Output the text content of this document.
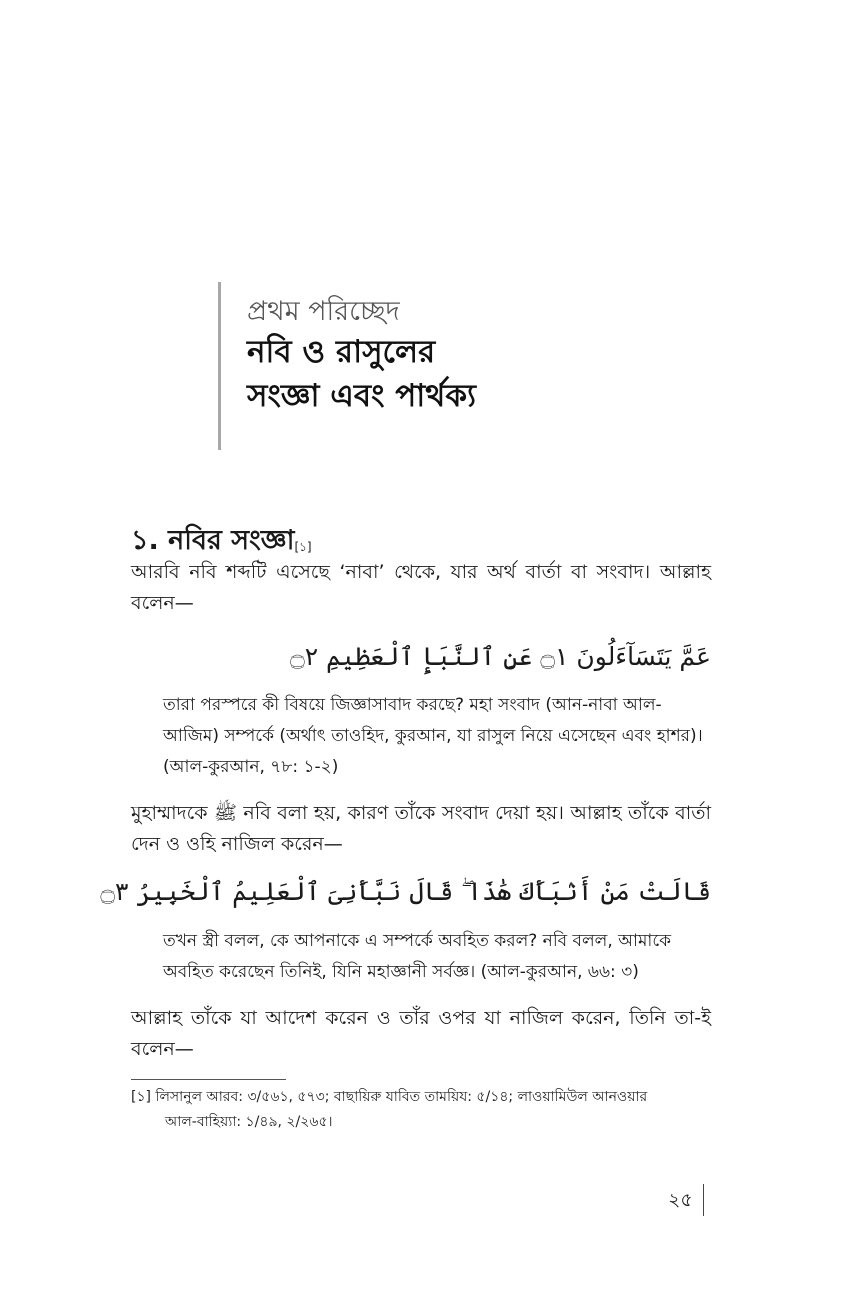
প্রথম পরিচ্ছেদ
নবি ও রাসুলের
সংজ্ঞা এবং পার্থক্য
১. নবির সংজ্ঞা[১]

আরবি নবি শব্দটি এসেছে ‘নাবা’ থেকে, যার অর্থ বার্তা বা সংবাদ। আল্লাহ বলেন—

عَمَّ يَتَسَآءَلُونَ ۝١ عَنِ ٱلنَّبَإِ ٱلْعَظِيمِ ۝٢

তারা পরস্পরে কী বিষয়ে জিজ্ঞাসাবাদ করছে? মহা সংবাদ (আন-নাবা আল-আজিম) সম্পর্কে (অর্থাৎ তাওহিদ, কুরআন, যা রাসুল নিয়ে এসেছেন এবং হাশর)। (আল-কুরআন, ৭৮: ১-২)

মুহাম্মাদকে ﷺ নবি বলা হয়, কারণ তাঁকে সংবাদ দেয়া হয়। আল্লাহ তাঁকে বার্তা দেন ও ওহি নাজিল করেন—

قَالَتْ مَنْ أَنۢبَأَكَ هَٰذَا ۖ قَالَ نَبَّأَنِىَ ٱلْعَلِيمُ ٱلْخَبِيرُ ۝٣

তখন স্ত্রী বলল, কে আপনাকে এ সম্পর্কে অবহিত করল? নবি বলল, আমাকে অবহিত করেছেন তিনিই, যিনি মহাজ্ঞানী সর্বজ্ঞ। (আল-কুরআন, ৬৬: ৩)

আল্লাহ তাঁকে যা আদেশ করেন ও তাঁর ওপর যা নাজিল করেন, তিনি তা-ই বলেন—

[১] লিসানুল আরব: ৩/৫৬১, ৫৭৩; বাছায়িরু যাবিত তাময়িয: ৫/১৪; লাওয়ামিউল আনওয়ার
আল-বাহিয়্যা: ১/৪৯, ২/২৬৫।
২৫
